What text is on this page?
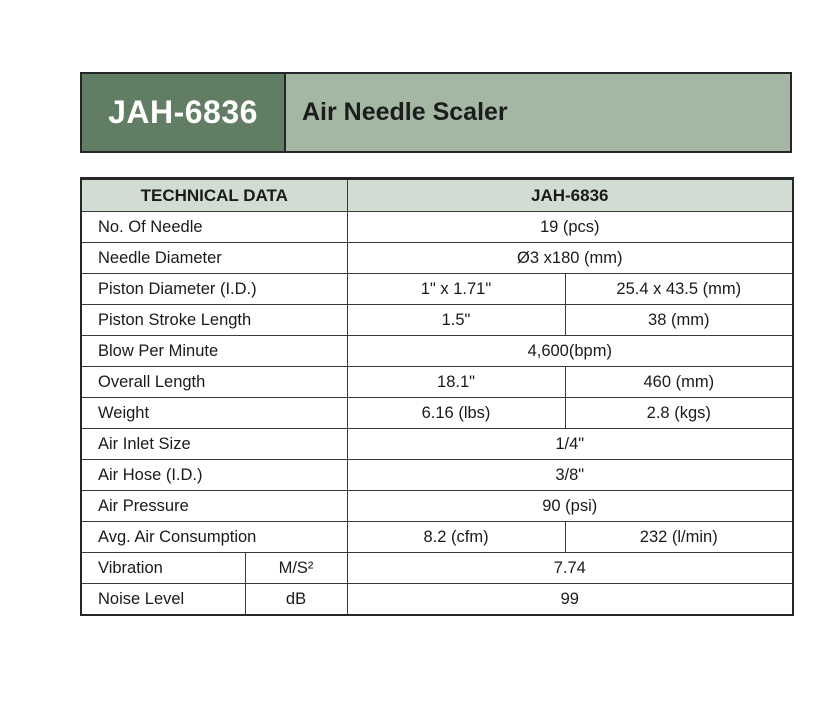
JAH-6836	Air Needle Scaler
TECHNICAL DATA		JAH-6836	
No. Of Needle		19 (pcs)	
Needle Diameter		Ø3 x180 (mm)	
Piston Diameter (I.D.)		1" x 1.71"	25.4 x 43.5 (mm)
Piston Stroke Length		1.5"	38 (mm)
Blow Per Minute		4,600(bpm)	
Overall Length		18.1"	460 (mm)
Weight		6.16 (lbs)	2.8 (kgs)
Air Inlet Size		1/4"	
Air Hose (I.D.)		3/8"	
Air Pressure		90 (psi)	
Avg. Air Consumption		8.2 (cfm)	232 (l/min)
Vibration	M/S²	7.74	
Noise Level	dB	99	
